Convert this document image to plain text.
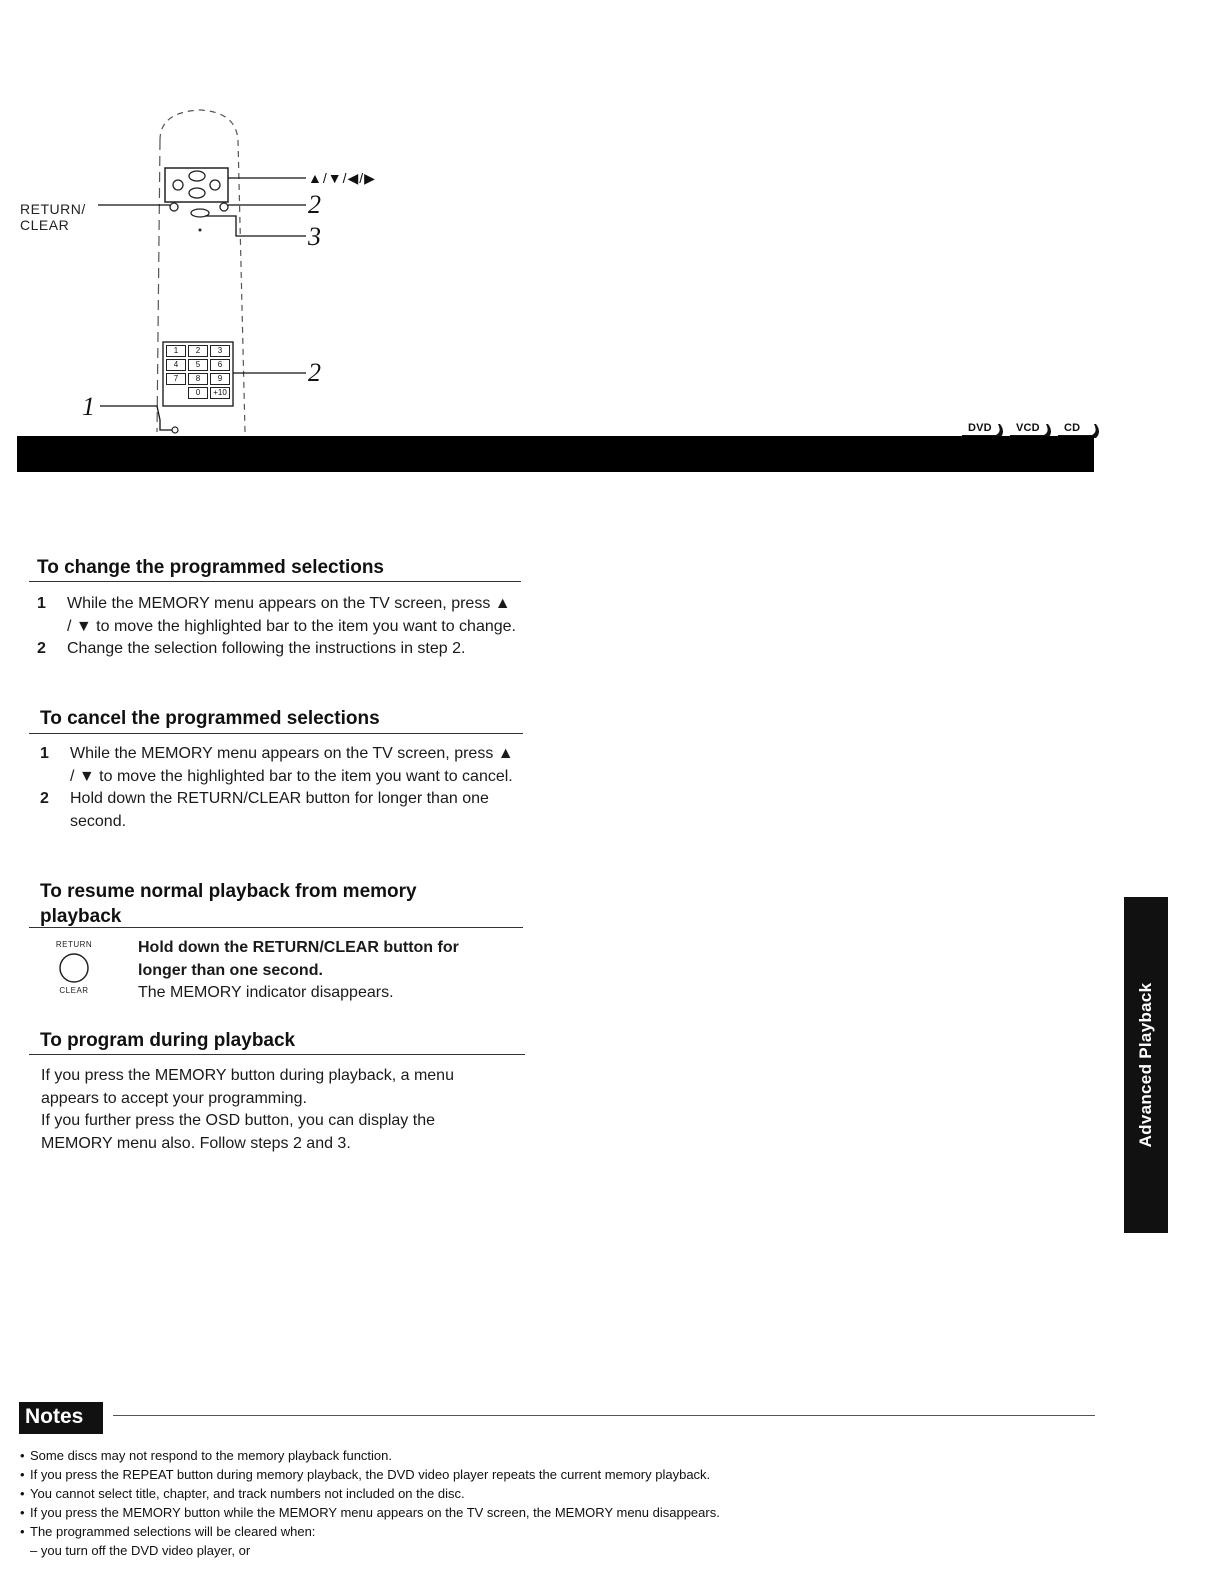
1	2	3
4	5	6
7	8	9
0	+10
▲/▼/◀/▶
2
3
2
1
RETURN/
CLEAR
DVD VCD CD
To change the programmed selections
1 While the MEMORY menu appears on the TV screen, press ▲ / ▼ to move the highlighted bar to the item you want to change.
2 Change the selection following the instructions in step 2.
To cancel the programmed selections
1 While the MEMORY menu appears on the TV screen, press ▲ / ▼ to move the highlighted bar to the item you want to cancel.
2 Hold down the RETURN/CLEAR button for longer than one second.
To resume normal playback from memory
playback
RETURN
CLEAR
Hold down the RETURN/CLEAR button for
longer than one second.
The MEMORY indicator disappears.
To program during playback
If you press the MEMORY button during playback, a menu
appears to accept your programming.
If you further press the OSD button, you can display the
MEMORY menu also. Follow steps 2 and 3.	Advanced Playback
Notes
• Some discs may not respond to the memory playback function.
• If you press the REPEAT button during memory playback, the DVD video player repeats the current memory playback.
• You cannot select title, chapter, and track numbers not included on the disc.
• If you press the MEMORY button while the MEMORY menu appears on the TV screen, the MEMORY menu disappears.
• The programmed selections will be cleared when:
– you turn off the DVD video player, or
